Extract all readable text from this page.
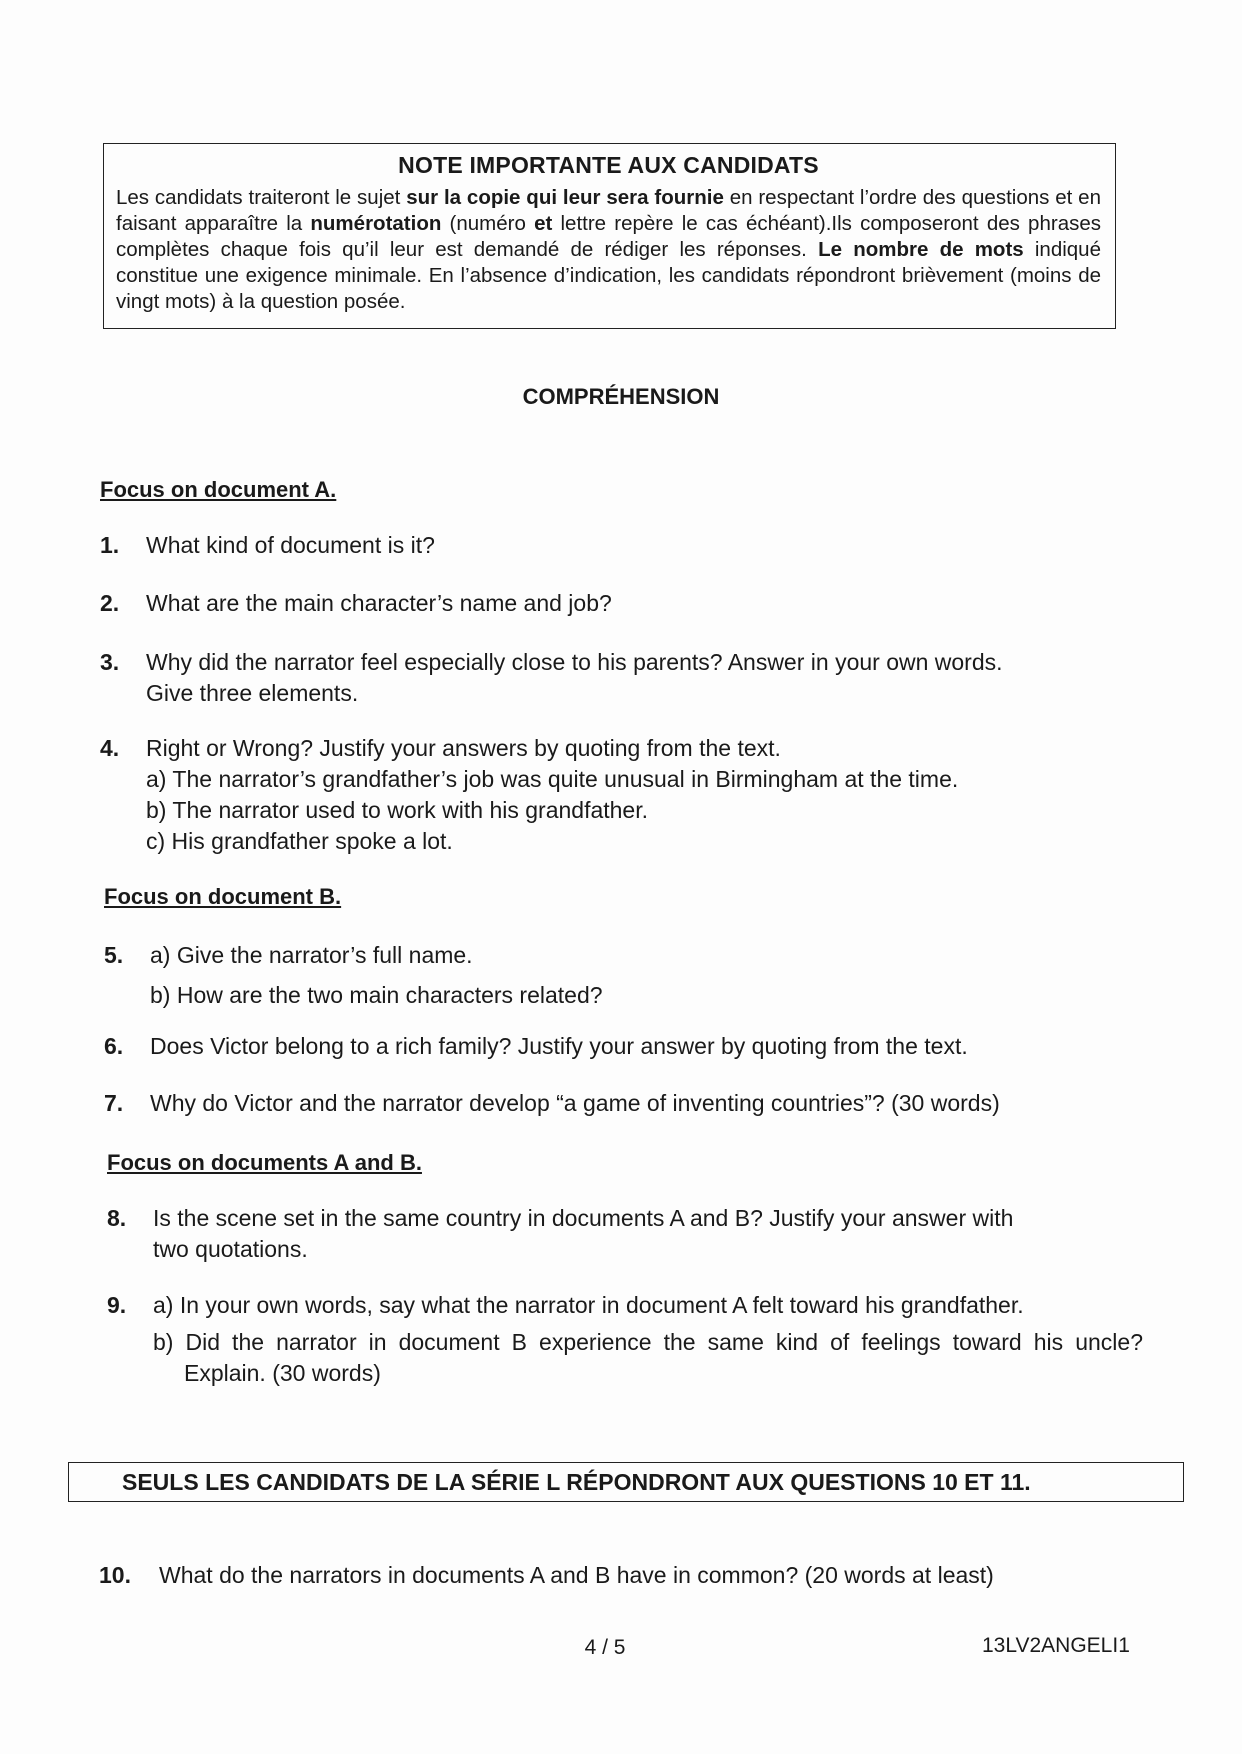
NOTE IMPORTANTE AUX CANDIDATS
Les candidats traiteront le sujet sur la copie qui leur sera fournie en respectant l’ordre des questions et en faisant apparaître la numérotation (numéro et lettre repère le cas échéant).Ils composeront des phrases complètes chaque fois qu’il leur est demandé de rédiger les réponses. Le nombre de mots indiqué constitue une exigence minimale. En l’absence d’indication, les candidats répondront brièvement (moins de vingt mots) à la question posée.
COMPRÉHENSION
Focus on document A.
1. What kind of document is it?
2. What are the main character’s name and job?
3. Why did the narrator feel especially close to his parents? Answer in your own words.
Give three elements.
4. Right or Wrong? Justify your answers by quoting from the text.
a) The narrator’s grandfather’s job was quite unusual in Birmingham at the time.
b) The narrator used to work with his grandfather.
c) His grandfather spoke a lot.
Focus on document B.
5. a) Give the narrator’s full name.
b) How are the two main characters related?
6. Does Victor belong to a rich family? Justify your answer by quoting from the text.
7. Why do Victor and the narrator develop “a game of inventing countries”? (30 words)
Focus on documents A and B.
8. Is the scene set in the same country in documents A and B? Justify your answer with
two quotations.
9. a) In your own words, say what the narrator in document A felt toward his grandfather.
b) Did the narrator in document B experience the same kind of feelings toward his uncle? Explain. (30 words)
SEULS LES CANDIDATS DE LA SÉRIE L RÉPONDRONT AUX QUESTIONS 10 ET 11.
10. What do the narrators in documents A and B have in common? (20 words at least)
4 / 5	13LV2ANGELI1
